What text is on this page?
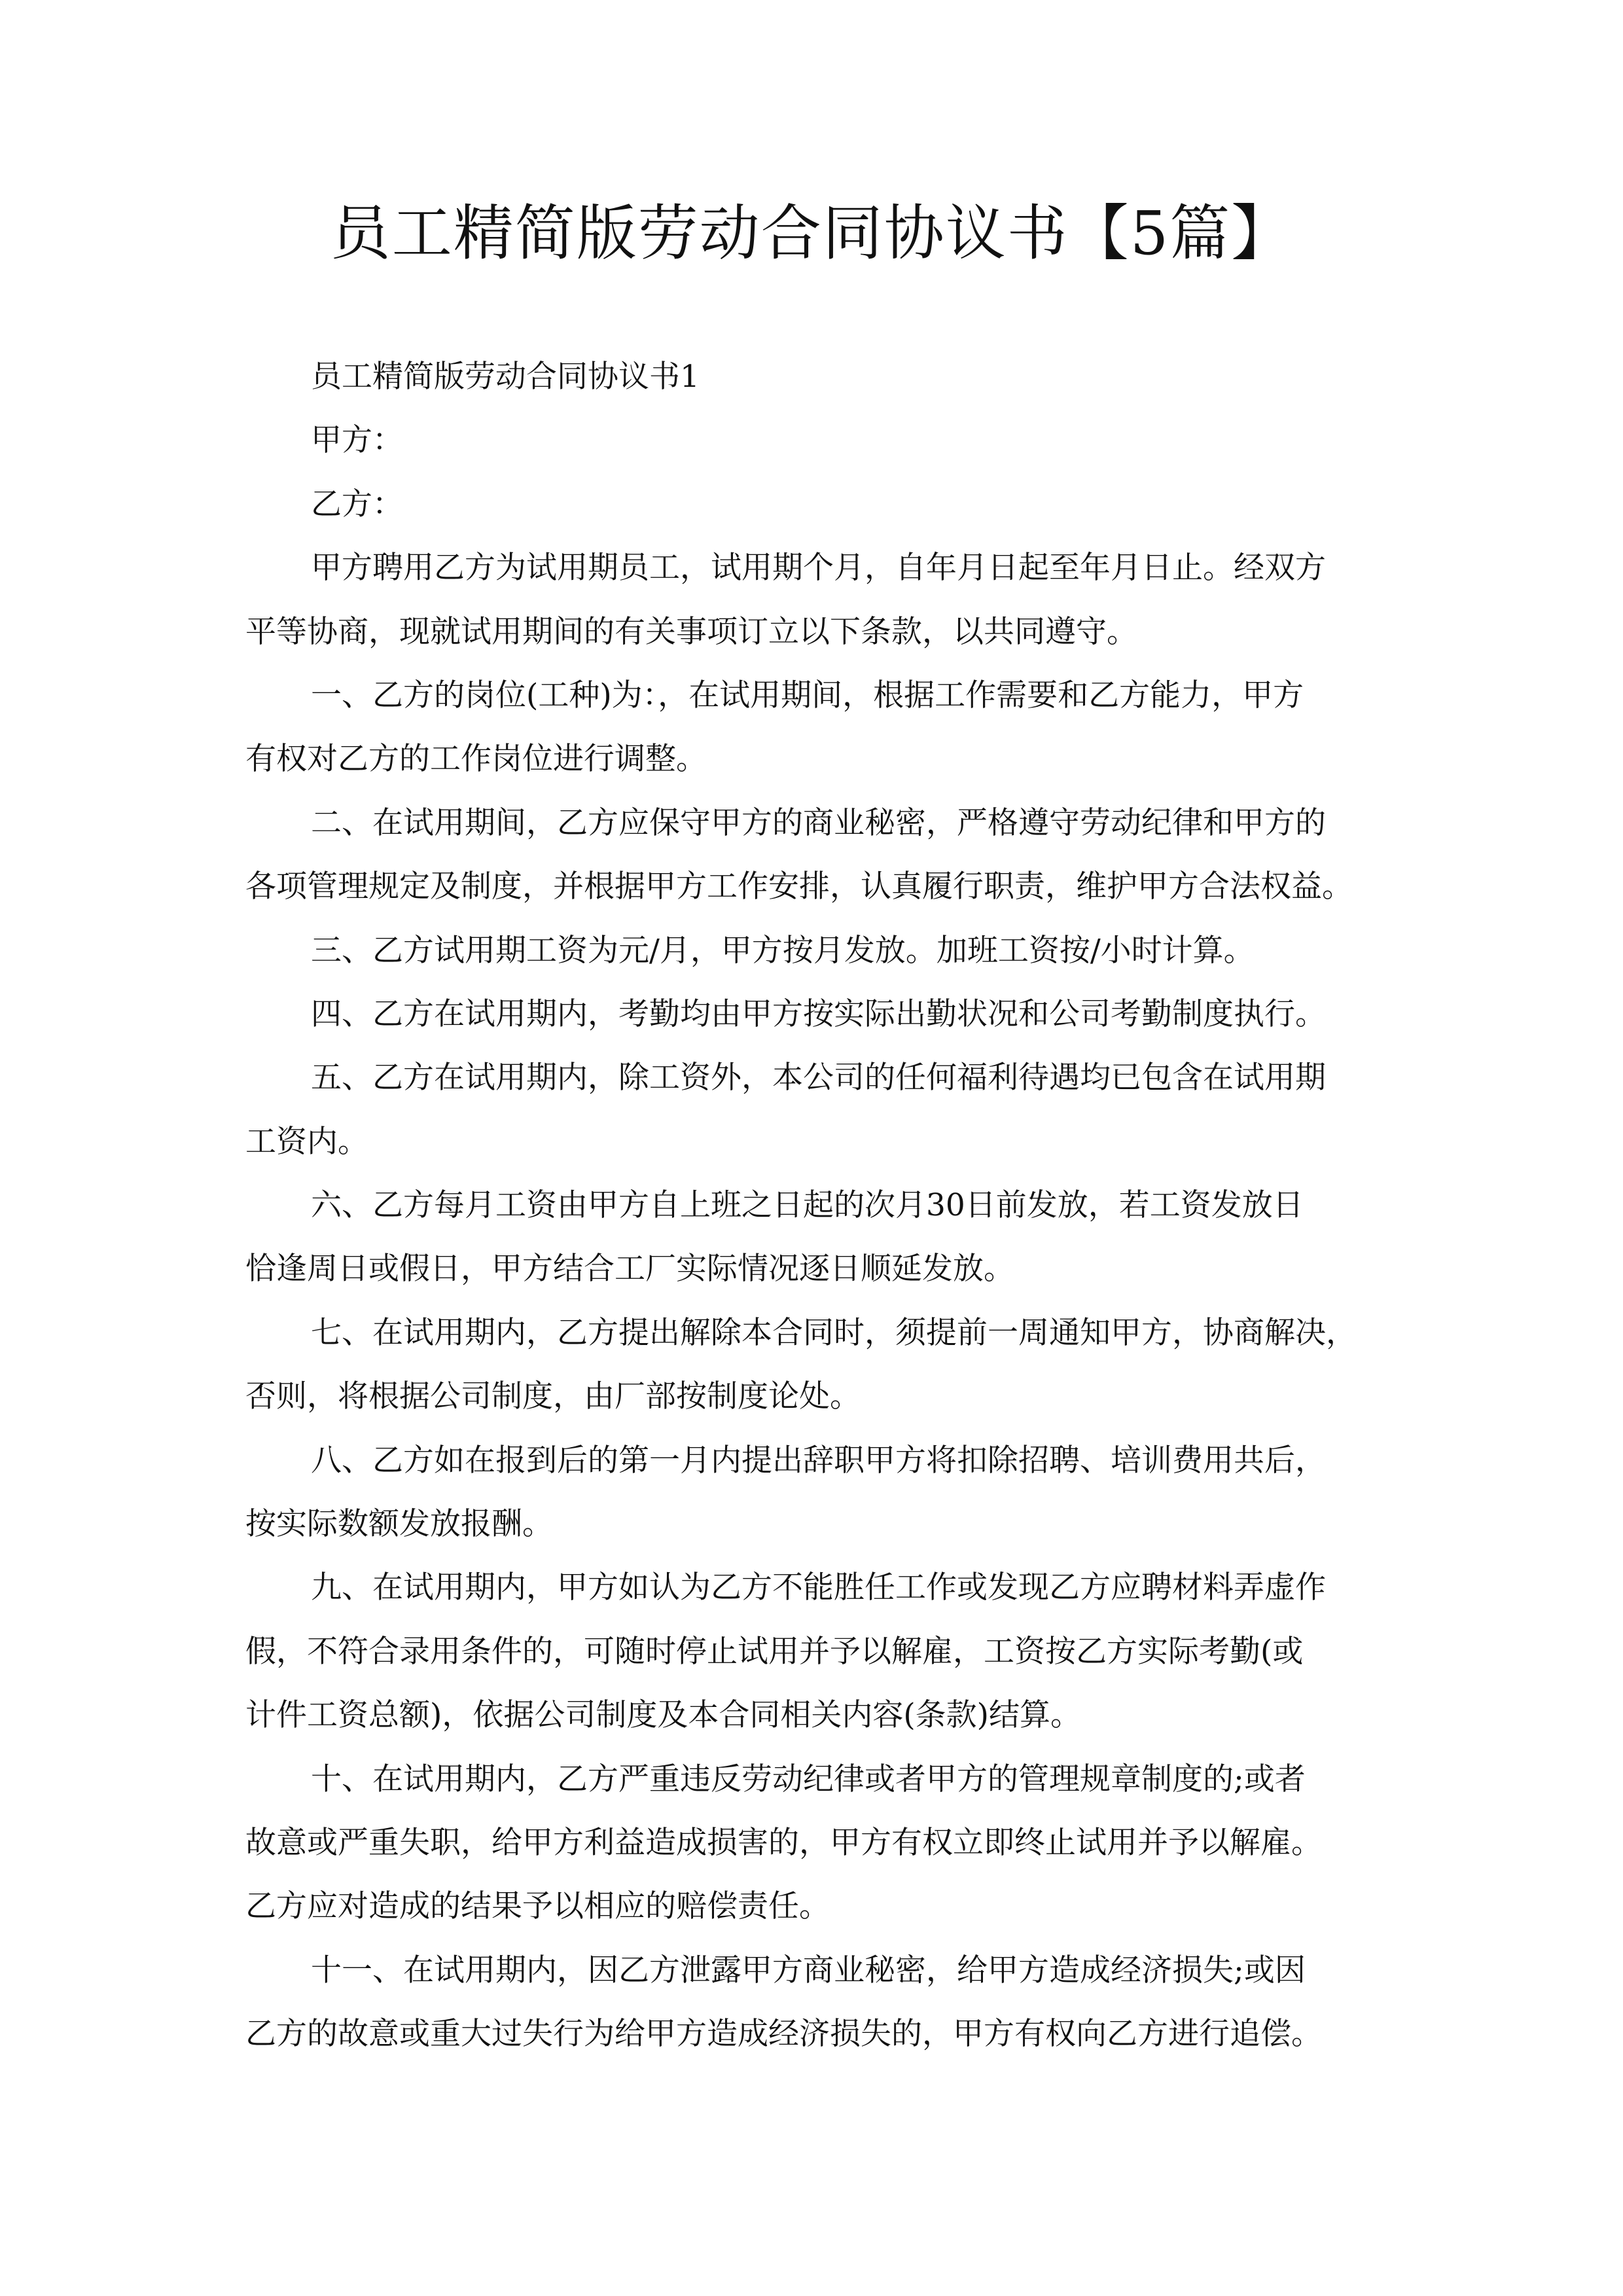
员工精简版劳动合同协议书【5篇】
员工精简版劳动合同协议书1
甲方：
乙方：
甲方聘用乙方为试用期员工，试用期个月，自年月日起至年月日止。经双方
平等协商，现就试用期间的有关事项订立以下条款，以共同遵守。
一、乙方的岗位(工种)为：，在试用期间，根据工作需要和乙方能力，甲方
有权对乙方的工作岗位进行调整。
二、在试用期间，乙方应保守甲方的商业秘密，严格遵守劳动纪律和甲方的
各项管理规定及制度，并根据甲方工作安排，认真履行职责，维护甲方合法权益。
三、乙方试用期工资为元/月，甲方按月发放。加班工资按/小时计算。
四、乙方在试用期内，考勤均由甲方按实际出勤状况和公司考勤制度执行。
五、乙方在试用期内，除工资外，本公司的任何福利待遇均已包含在试用期
工资内。
六、乙方每月工资由甲方自上班之日起的次月30日前发放，若工资发放日
恰逢周日或假日，甲方结合工厂实际情况逐日顺延发放。
七、在试用期内，乙方提出解除本合同时，须提前一周通知甲方，协商解决，
否则，将根据公司制度，由厂部按制度论处。
八、乙方如在报到后的第一月内提出辞职甲方将扣除招聘、培训费用共后，
按实际数额发放报酬。
九、在试用期内，甲方如认为乙方不能胜任工作或发现乙方应聘材料弄虚作
假，不符合录用条件的，可随时停止试用并予以解雇，工资按乙方实际考勤(或
计件工资总额)，依据公司制度及本合同相关内容(条款)结算。
十、在试用期内，乙方严重违反劳动纪律或者甲方的管理规章制度的;或者
故意或严重失职，给甲方利益造成损害的，甲方有权立即终止试用并予以解雇。
乙方应对造成的结果予以相应的赔偿责任。
十一、在试用期内，因乙方泄露甲方商业秘密，给甲方造成经济损失;或因
乙方的故意或重大过失行为给甲方造成经济损失的，甲方有权向乙方进行追偿。
